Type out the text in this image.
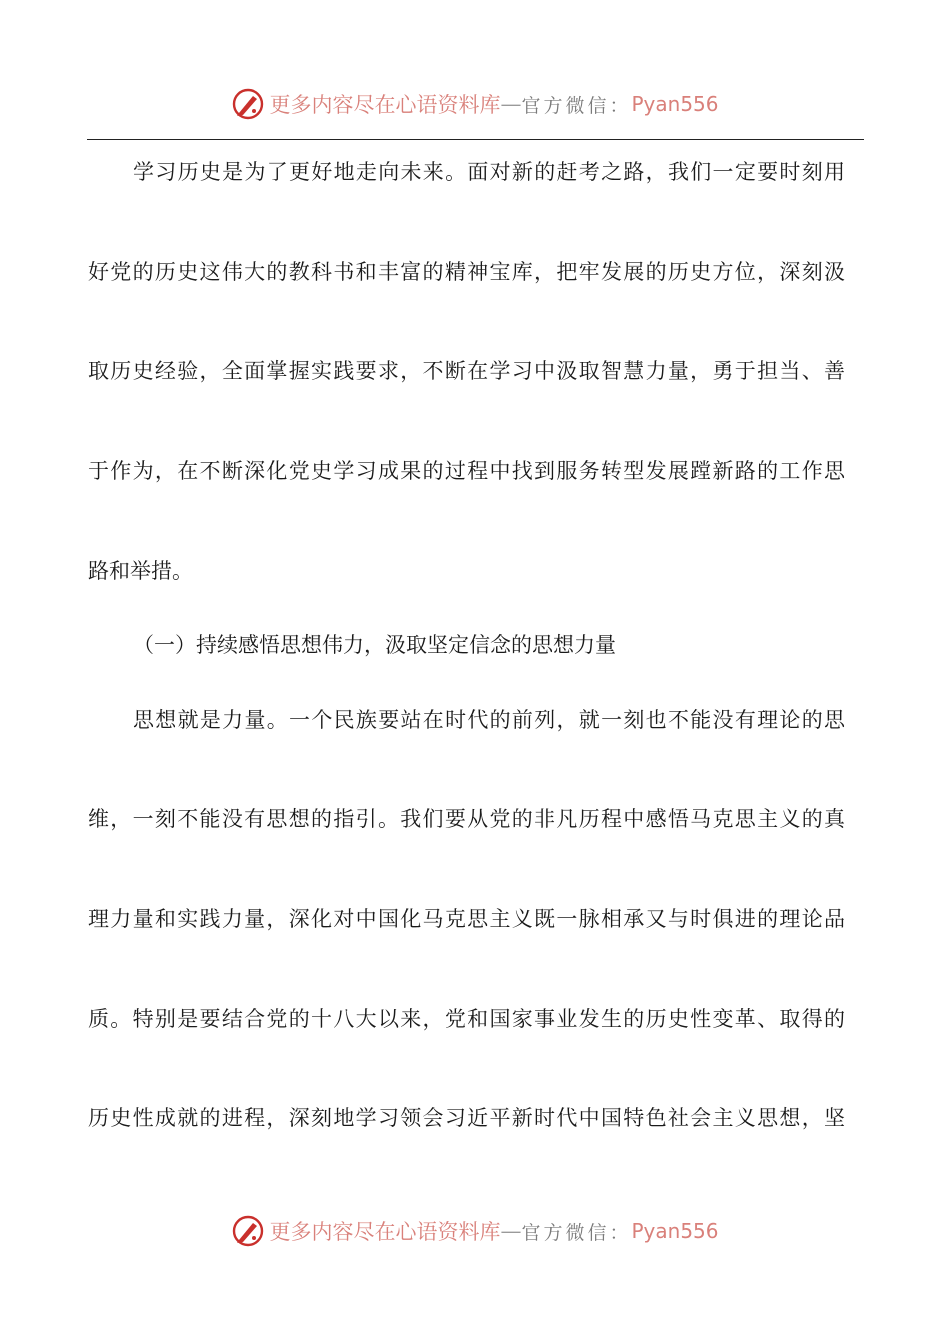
更多内容尽在心语资料库 — 官方微信： Pyan556
学习历史是为了更好地走向未来。面对新的赶考之路，我们一定要时刻用
好党的历史这伟大的教科书和丰富的精神宝库，把牢发展的历史方位，深刻汲
取历史经验，全面掌握实践要求，不断在学习中汲取智慧力量，勇于担当、善
于作为，在不断深化党史学习成果的过程中找到服务转型发展蹚新路的工作思
路和举措。
（一）持续感悟思想伟力，汲取坚定信念的思想力量
思想就是力量。一个民族要站在时代的前列，就一刻也不能没有理论的思
维，一刻不能没有思想的指引。我们要从党的非凡历程中感悟马克思主义的真
理力量和实践力量，深化对中国化马克思主义既一脉相承又与时俱进的理论品
质。特别是要结合党的十八大以来，党和国家事业发生的历史性变革、取得的
历史性成就的进程，深刻地学习领会习近平新时代中国特色社会主义思想，坚
更多内容尽在心语资料库 — 官方微信： Pyan556
